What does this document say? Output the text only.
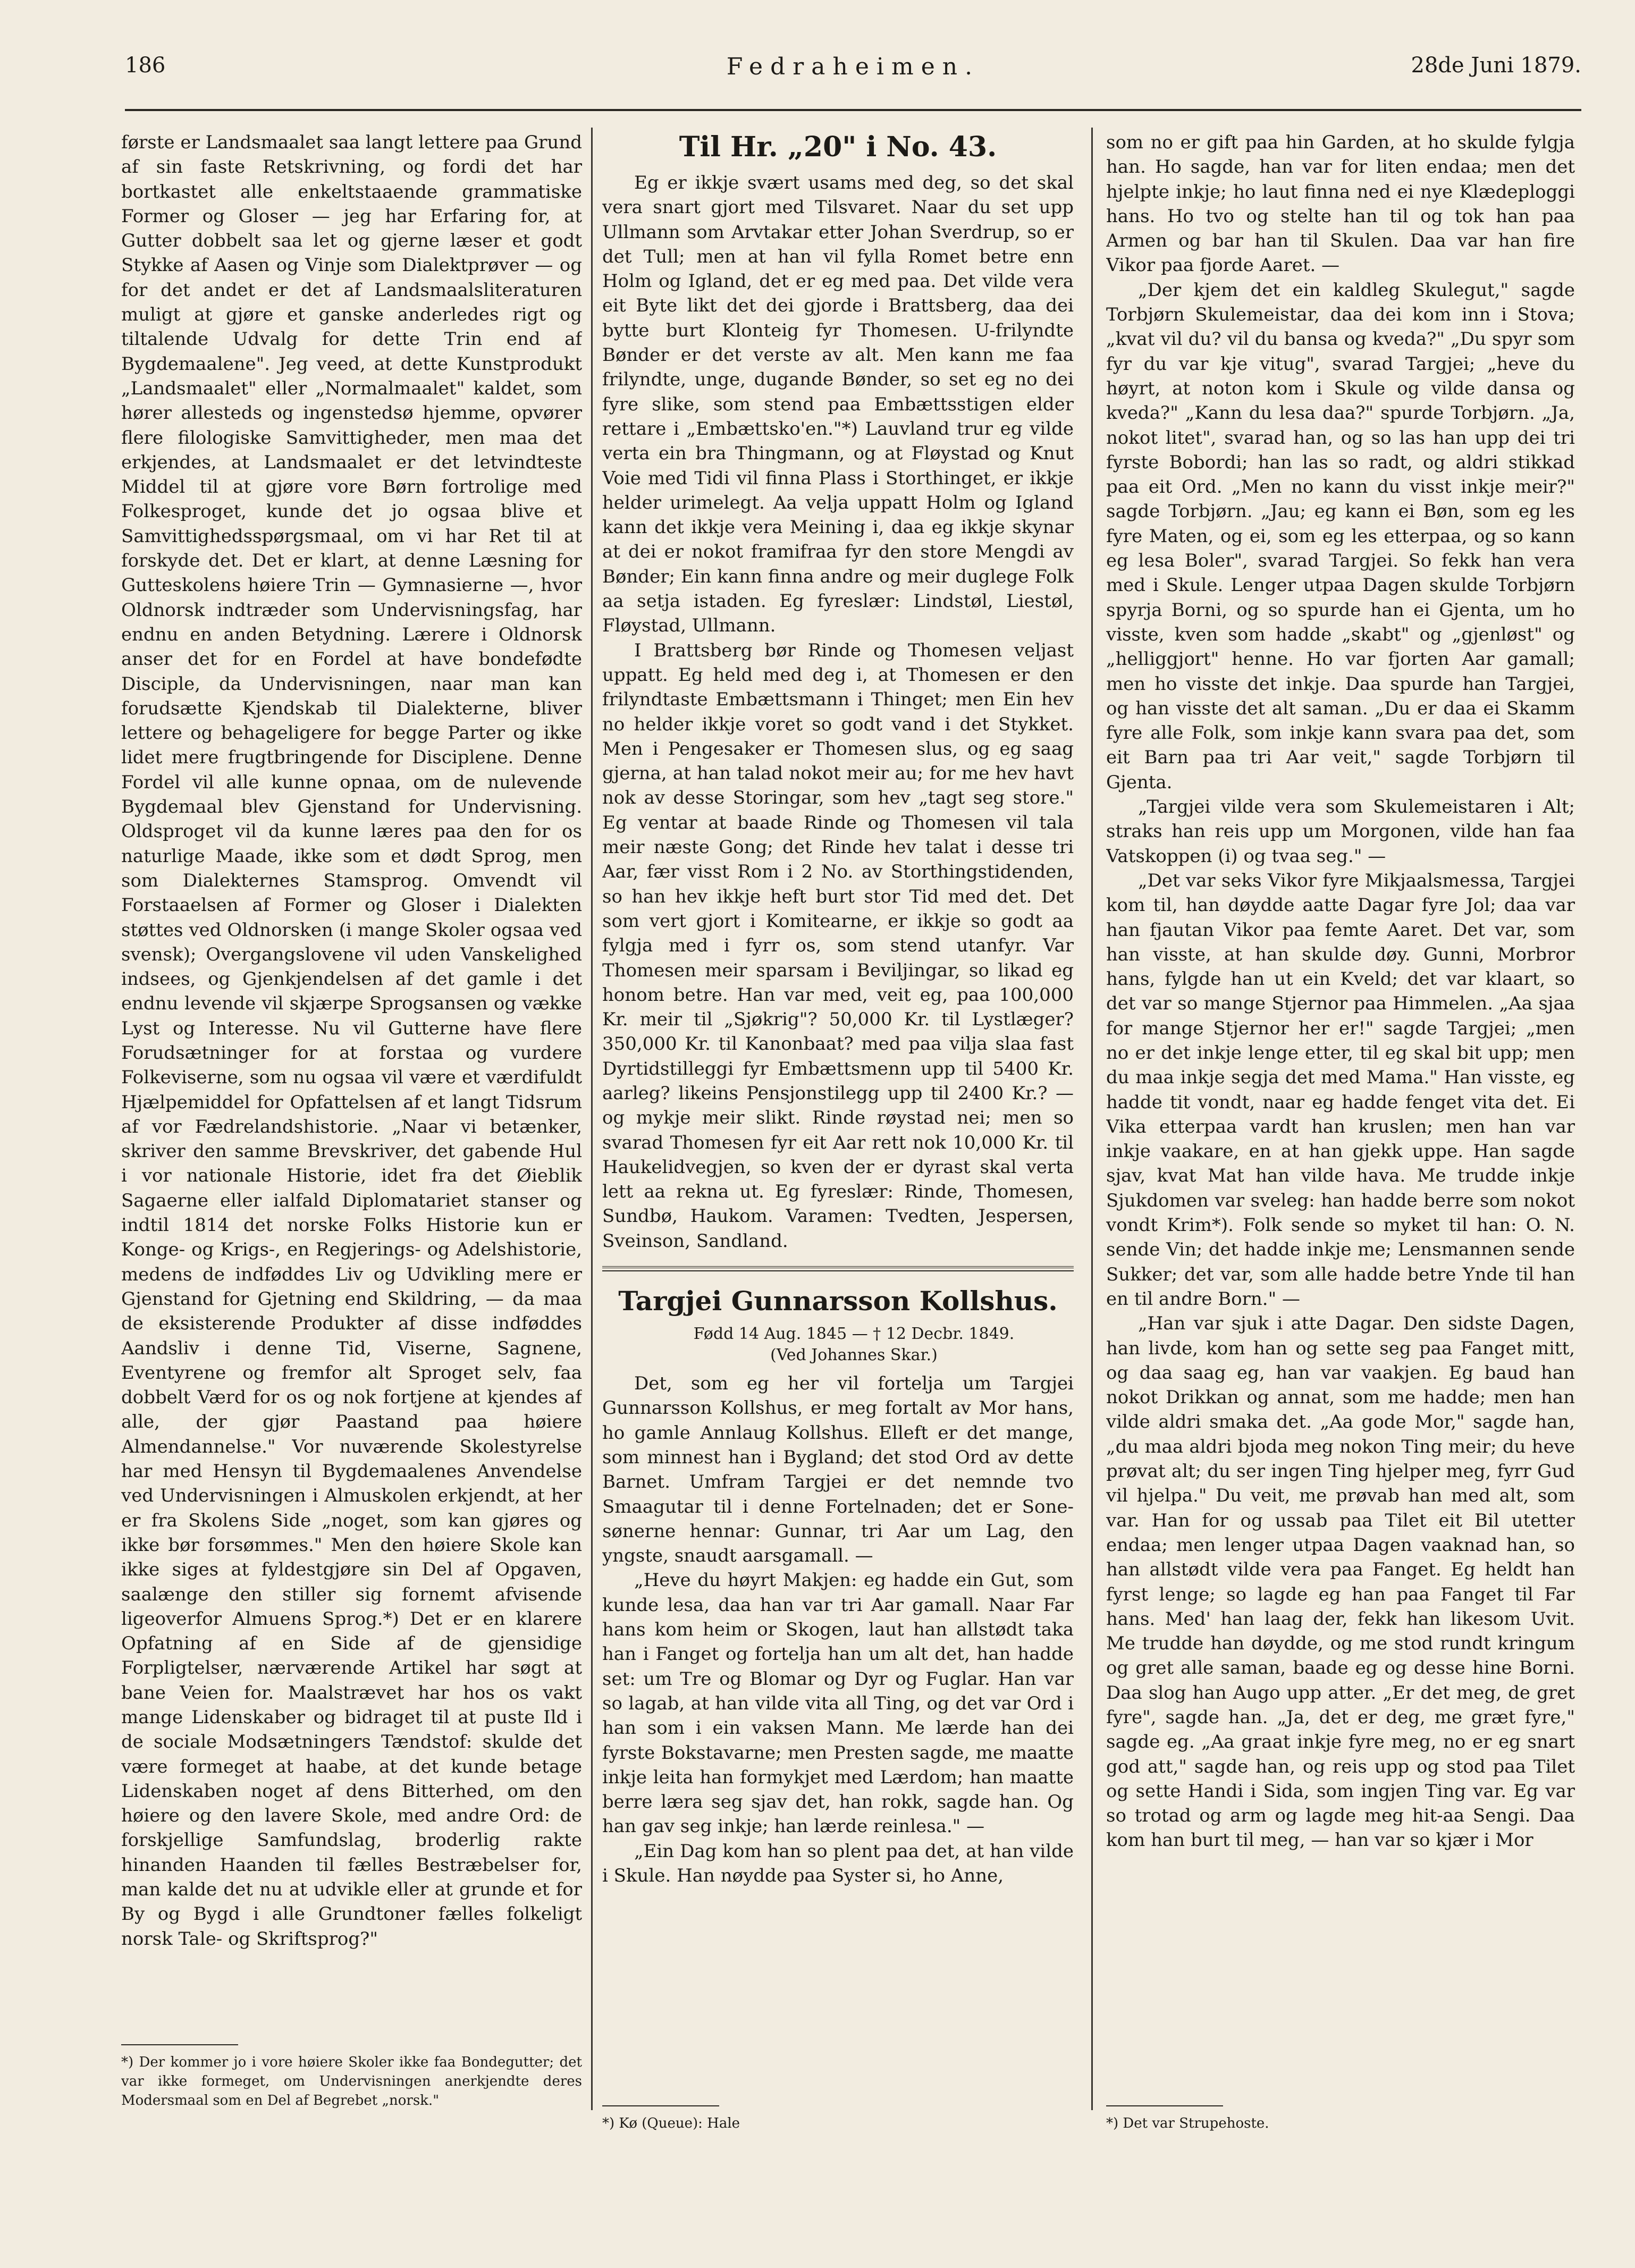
186	Fedraheimen.	28de Juni 1879.

første er Landsmaalet saa langt lettere paa Grund af sin faste Retskrivning, og fordi det har bortkastet alle enkeltstaaende grammatiske Former og Gloser — jeg har Erfaring for, at Gutter dobbelt saa let og gjerne læser et godt Stykke af Aasen og Vinje som Dialektprøver — og for det andet er det af Landsmaalsliteraturen muligt at gjøre et ganske anderledes rigt og tiltalende Udvalg for dette Trin end af Bygdemaalene". Jeg veed, at dette Kunstprodukt „Landsmaalet" eller „Normalmaalet" kaldet, som hører allesteds og ingenstedsø hjemme, opvører flere filologiske Samvittigheder, men maa det erkjendes, at Landsmaalet er det letvindteste Middel til at gjøre vore Børn fortrolige med Folkesproget, kunde det jo ogsaa blive et Samvittighedsspørgsmaal, om vi har Ret til at forskyde det. Det er klart, at denne Læsning for Gutteskolens høiere Trin — Gymnasierne —, hvor Oldnorsk indtræder som Undervisningsfag, har endnu en anden Betydning. Lærere i Oldnorsk anser det for en Fordel at have bondefødte Disciple, da Undervisningen, naar man kan forudsætte Kjendskab til Dialekterne, bliver lettere og behageligere for begge Parter og ikke lidet mere frugtbringende for Disciplene. Denne Fordel vil alle kunne opnaa, om de nulevende Bygdemaal blev Gjenstand for Undervisning. Oldsproget vil da kunne læres paa den for os naturlige Maade, ikke som et dødt Sprog, men som Dialekternes Stamsprog. Omvendt vil Forstaaelsen af Former og Gloser i Dialekten støttes ved Oldnorsken (i mange Skoler ogsaa ved svensk); Overgangslovene vil uden Vanskelighed indsees, og Gjenkjendelsen af det gamle i det endnu levende vil skjærpe Sprogsansen og vække Lyst og Interesse. Nu vil Gutterne have flere Forudsætninger for at forstaa og vurdere Folkeviserne, som nu ogsaa vil være et værdifuldt Hjælpemiddel for Opfattelsen af et langt Tidsrum af vor Fædrelandshistorie. „Naar vi betænker, skriver den samme Brevskriver, det gabende Hul i vor nationale Historie, idet fra det Øieblik Sagaerne eller ialfald Diplomatariet stanser og indtil 1814 det norske Folks Historie kun er Konge- og Krigs-, en Regjerings- og Adelshistorie, medens de indføddes Liv og Udvikling mere er Gjenstand for Gjetning end Skildring, — da maa de eksisterende Produkter af disse indføddes Aandsliv i denne Tid, Viserne, Sagnene, Eventyrene og fremfor alt Sproget selv, faa dobbelt Værd for os og nok fortjene at kjendes af alle, der gjør Paastand paa høiere Almendannelse." Vor nuværende Skolestyrelse har med Hensyn til Bygdemaalenes Anvendelse ved Undervisningen i Almuskolen erkjendt, at her er fra Skolens Side „noget, som kan gjøres og ikke bør forsømmes." Men den høiere Skole kan ikke siges at fyldestgjøre sin Del af Opgaven, saalænge den stiller sig fornemt afvisende ligeoverfor Almuens Sprog.*) Det er en klarere Opfatning af en Side af de gjensidige Forpligtelser, nærværende Artikel har søgt at bane Veien for. Maalstrævet har hos os vakt mange Lidenskaber og bidraget til at puste Ild i de sociale Modsætningers Tændstof: skulde det være formeget at haabe, at det kunde betage Lidenskaben noget af dens Bitterhed, om den høiere og den lavere Skole, med andre Ord: de forskjellige Samfundslag, broderlig rakte hinanden Haanden til fælles Bestræbelser for, man kalde det nu at udvikle eller at grunde et for By og Bygd i alle Grundtoner fælles folkeligt norsk Tale- og Skriftsprog?"

*) Der kommer jo i vore høiere Skoler ikke faa Bondegutter; det var ikke formeget, om Undervisningen anerkjendte deres Modersmaal som en Del af Begrebet „norsk."

Til Hr. „20" i No. 43.

Eg er ikkje svært usams med deg, so det skal vera snart gjort med Tilsvaret. Naar du set upp Ullmann som Arvtakar etter Johan Sverdrup, so er det Tull; men at han vil fylla Romet betre enn Holm og Igland, det er eg med paa. Det vilde vera eit Byte likt det dei gjorde i Brattsberg, daa dei bytte burt Klonteig fyr Thomesen. U-frilyndte Bønder er det verste av alt. Men kann me faa frilyndte, unge, dugande Bønder, so set eg no dei fyre slike, som stend paa Embættsstigen elder rettare i „Embættsko'en."*) Lauvland trur eg vilde verta ein bra Thingmann, og at Fløystad og Knut Voie med Tidi vil finna Plass i Storthinget, er ikkje helder urimelegt. Aa velja uppatt Holm og Igland kann det ikkje vera Meining i, daa eg ikkje skynar at dei er nokot framifraa fyr den store Mengdi av Bønder; Ein kann finna andre og meir duglege Folk aa setja istaden. Eg fyreslær: Lindstøl, Liestøl, Fløystad, Ullmann.

I Brattsberg bør Rinde og Thomesen veljast uppatt. Eg held med deg i, at Thomesen er den frilyndtaste Embættsmann i Thinget; men Ein hev no helder ikkje voret so godt vand i det Stykket. Men i Pengesaker er Thomesen slus, og eg saag gjerna, at han talad nokot meir au; for me hev havt nok av desse Storingar, som hev „tagt seg store." Eg ventar at baade Rinde og Thomesen vil tala meir næste Gong; det Rinde hev talat i desse tri Aar, fær visst Rom i 2 No. av Storthingstidenden, so han hev ikkje heft burt stor Tid med det. Det som vert gjort i Komitearne, er ikkje so godt aa fylgja med i fyrr os, som stend utanfyr. Var Thomesen meir sparsam i Beviljingar, so likad eg honom betre. Han var med, veit eg, paa 100,000 Kr. meir til „Sjøkrig"? 50,000 Kr. til Lystlæger? 350,000 Kr. til Kanonbaat? med paa vilja slaa fast Dyrtidstilleggi fyr Embættsmenn upp til 5400 Kr. aarleg? likeins Pensjonstilegg upp til 2400 Kr.? — og mykje meir slikt. Rinde røystad nei; men so svarad Thomesen fyr eit Aar rett nok 10,000 Kr. til Haukelidvegjen, so kven der er dyrast skal verta lett aa rekna ut. Eg fyreslær: Rinde, Thomesen, Sundbø, Haukom. Varamen: Tvedten, Jespersen, Sveinson, Sandland.

Targjei Gunnarsson Kollshus.

Fødd 14 Aug. 1845 — † 12 Decbr. 1849.

(Ved Johannes Skar.)

Det, som eg her vil fortelja um Targjei Gunnarsson Kollshus, er meg fortalt av Mor hans, ho gamle Annlaug Kollshus. Elleft er det mange, som minnest han i Bygland; det stod Ord av dette Barnet. Umfram Targjei er det nemnde tvo Smaagutar til i denne Fortelnaden; det er Sone-sønerne hennar: Gunnar, tri Aar um Lag, den yngste, snaudt aarsgamall. —

„Heve du høyrt Makjen: eg hadde ein Gut, som kunde lesa, daa han var tri Aar gamall. Naar Far hans kom heim or Skogen, laut han allstødt taka han i Fanget og fortelja han um alt det, han hadde set: um Tre og Blomar og Dyr og Fuglar. Han var so lagab, at han vilde vita all Ting, og det var Ord i han som i ein vaksen Mann. Me lærde han dei fyrste Bokstavarne; men Presten sagde, me maatte inkje leita han formykjet med Lærdom; han maatte berre læra seg sjav det, han rokk, sagde han. Og han gav seg inkje; han lærde reinlesa." —

„Ein Dag kom han so plent paa det, at han vilde i Skule. Han nøydde paa Syster si, ho Anne,

*) Kø (Queue): Hale

som no er gift paa hin Garden, at ho skulde fylgja han. Ho sagde, han var for liten endaa; men det hjelpte inkje; ho laut finna ned ei nye Klædeploggi hans. Ho tvo og stelte han til og tok han paa Armen og bar han til Skulen. Daa var han fire Vikor paa fjorde Aaret. —

„Der kjem det ein kaldleg Skulegut," sagde Torbjørn Skulemeistar, daa dei kom inn i Stova; „kvat vil du? vil du bansa og kveda?" „Du spyr som fyr du var kje vitug", svarad Targjei; „heve du høyrt, at noton kom i Skule og vilde dansa og kveda?" „Kann du lesa daa?" spurde Torbjørn. „Ja, nokot litet", svarad han, og so las han upp dei tri fyrste Bobordi; han las so radt, og aldri stikkad paa eit Ord. „Men no kann du visst inkje meir?" sagde Torbjørn. „Jau; eg kann ei Bøn, som eg les fyre Maten, og ei, som eg les etterpaa, og so kann eg lesa Boler", svarad Targjei. So fekk han vera med i Skule. Lenger utpaa Dagen skulde Torbjørn spyrja Borni, og so spurde han ei Gjenta, um ho visste, kven som hadde „skabt" og „gjenløst" og „helliggjort" henne. Ho var fjorten Aar gamall; men ho visste det inkje. Daa spurde han Targjei, og han visste det alt saman. „Du er daa ei Skamm fyre alle Folk, som inkje kann svara paa det, som eit Barn paa tri Aar veit," sagde Torbjørn til Gjenta.

„Targjei vilde vera som Skulemeistaren i Alt; straks han reis upp um Morgonen, vilde han faa Vatskoppen (i) og tvaa seg." —

„Det var seks Vikor fyre Mikjaalsmessa, Targjei kom til, han døydde aatte Dagar fyre Jol; daa var han fjautan Vikor paa femte Aaret. Det var, som han visste, at han skulde døy. Gunni, Morbror hans, fylgde han ut ein Kveld; det var klaart, so det var so mange Stjernor paa Himmelen. „Aa sjaa for mange Stjernor her er!" sagde Targjei; „men no er det inkje lenge etter, til eg skal bit upp; men du maa inkje segja det med Mama." Han visste, eg hadde tit vondt, naar eg hadde fenget vita det. Ei Vika etterpaa vardt han kruslen; men han var inkje vaakare, en at han gjekk uppe. Han sagde sjav, kvat Mat han vilde hava. Me trudde inkje Sjukdomen var sveleg: han hadde berre som nokot vondt Krim*). Folk sende so myket til han: O. N. sende Vin; det hadde inkje me; Lensmannen sende Sukker; det var, som alle hadde betre Ynde til han en til andre Born." —

„Han var sjuk i atte Dagar. Den sidste Dagen, han livde, kom han og sette seg paa Fanget mitt, og daa saag eg, han var vaakjen. Eg baud han nokot Drikkan og annat, som me hadde; men han vilde aldri smaka det. „Aa gode Mor," sagde han, „du maa aldri bjoda meg nokon Ting meir; du heve prøvat alt; du ser ingen Ting hjelper meg, fyrr Gud vil hjelpa." Du veit, me prøvab han med alt, som var. Han for og ussab paa Tilet eit Bil utetter endaa; men lenger utpaa Dagen vaaknad han, so han allstødt vilde vera paa Fanget. Eg heldt han fyrst lenge; so lagde eg han paa Fanget til Far hans. Med' han laag der, fekk han likesom Uvit. Me trudde han døydde, og me stod rundt kringum og gret alle saman, baade eg og desse hine Borni. Daa slog han Augo upp atter. „Er det meg, de gret fyre", sagde han. „Ja, det er deg, me græt fyre," sagde eg. „Aa graat inkje fyre meg, no er eg snart god att," sagde han, og reis upp og stod paa Tilet og sette Handi i Sida, som ingjen Ting var. Eg var so trotad og arm og lagde meg hit-aa Sengi. Daa kom han burt til meg, — han var so kjær i Mor

*) Det var Strupehoste.
